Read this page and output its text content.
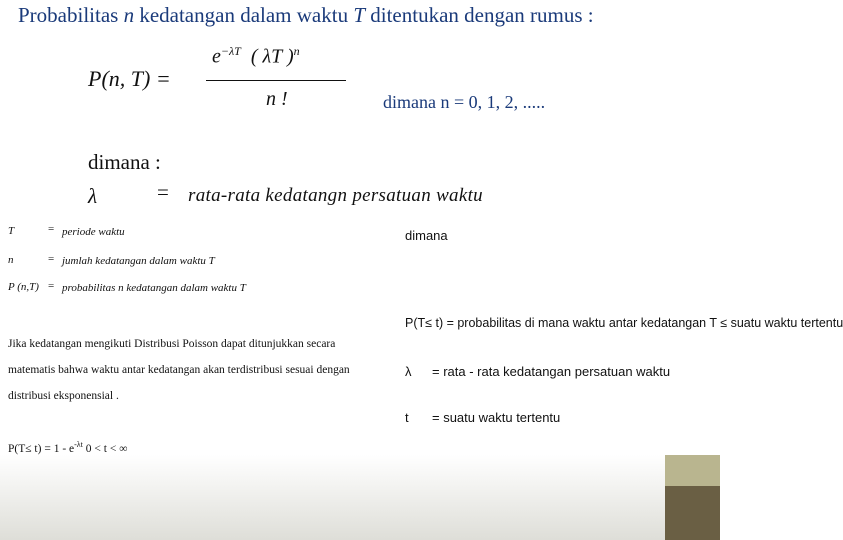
Probabilitas n kedatangan dalam waktu T ditentukan dengan rumus :
P(n, T) =
$e^{-\lambda T}$ ( λT )$^n$
n !	dimana n = 0, 1, 2, .....
dimana :
λ	= rata-rata kedatangn persatuan waktu
T	= periode waktu
n	= jumlah kedatangan dalam waktu T
P (n,T) = probabilitas n kedatangan dalam waktu T
Jika kedatangan mengikuti Distribusi Poisson dapat ditunjukkan secara
matematis bahwa waktu antar kedatangan akan terdistribusi sesuai dengan
distribusi eksponensial .
$P(T\le t) = 1 - e^{-\lambda t}$ 0 < t < ∞
dimana
P(T≤ t) = probabilitas di mana waktu antar kedatangan T ≤ suatu waktu tertentu
λ = rata - rata kedatangan persatuan waktu
t = suatu waktu tertentu
